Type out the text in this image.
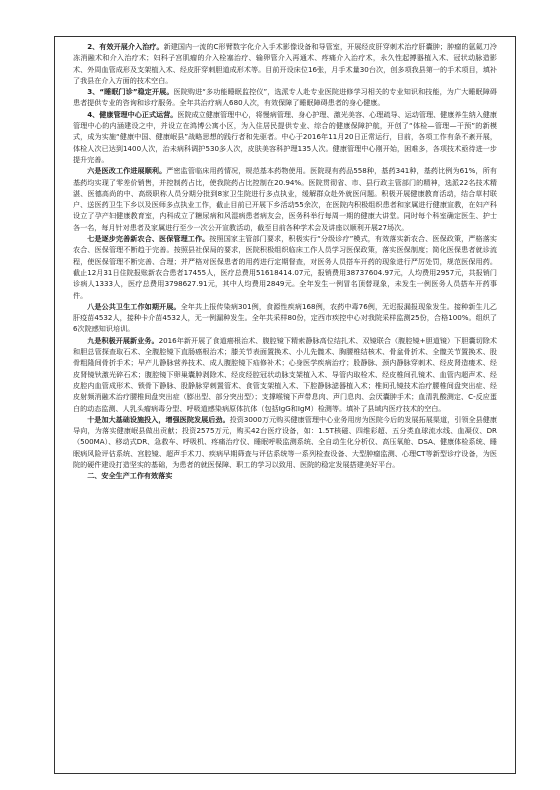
2、有效开展介入治疗。新建国内一流的C形臂数字化介入手术影像设备和导管室，开展经皮肝穿刺术治疗肝囊肿；肿瘤的氩氦刀冷冻消融术和介入治疗术；妇科子宫肌瘤的介入栓塞治疗、输卵管介入再通术、疼痛介入治疗术，永久性起搏器植入术、冠状动脉造影术、外周血管成形及支架植入术、经皮肝穿刺胆道成形术等。目前开设床位16张，月手术量30台次，创多项我县第一的手术项目，填补了我县在介入方面的技术空白。

3、“睡眠门诊”稳定开展。医院购进“多功能睡眠监控仪”，选派专人赴专业医院进修学习相关的专业知识和技能，为广大睡眠障碍患者提供专业的咨询和诊疗服务。全年共治疗病人680人次，有效保障了睡眠障碍患者的身心健康。

4、健康管理中心正式运营。医院成立健康管理中心，将慢病管理、身心护理、激光美容、心理疏导、运动管理、健康养生纳入健康管理中心的内涵建设之中，并设立在鸿博公寓小区，为入住居民提供专业、综合的健康保障护航，开创了“体检—管理—干预”的新模式，成为实施“健康中国、健康岷县”战略思想的践行者和先驱者。中心于2016年11月20日正常运行，目前，各项工作有条不紊开展，体检人次已达到1400人次，治未病科调护530多人次，皮肤美容科护理135人次。健康管理中心刚开始，困难多，各项技术亟待进一步提升完善。

六是医改工作进展顺利。严密监管临床用药情况，规范基本药物使用。医院现有药品558种，基药341种，基药比例为61%，所有基药均实现了零差价销售，并控制药占比，使我院药占比控制在20.94%。医院贯彻省、市、县行政主管部门的精神，选派22名技术精湛、医德高尚的中、高级职称人员分期分批到8家卫生院进行多点执业，缓解群众赴外就医问题。积极开展健康教育活动，结合草村联户、送医药卫生下乡以及医师多点执业工作，截止目前已开展下乡活动55余次，在医院内积极组织患者和家属进行健康宣教，在妇产科设立了孕产妇健康教育室，内科成立了糖尿病和风湿病患者病友会，医务科举行每周一期的健康大讲堂。同时每个科室确定医生、护士各一名，每月针对患者及家属进行至少一次公开宣教活动，截至目前各种学术会及讲座以顺利开展27场次。

七是逐步完善新农合、医保管理工作。按照国家主管部门要求，积极实行“分级诊疗”模式，有效落实新农合、医保政策，严格落实农合、医保管理不断趋于完善。按照县社保局的要求，医院积极组织临床工作人员学习医保政策，落实医保制度；简化医保患者就诊流程，使医保管理不断完善、合理；并严格对医保患者的用药进行定期督查，对医务人员搭车开药的现象进行严厉处罚，规范医保用药。截止12月31日住院报账新农合患者17455人，医疗总费用51618414.07元，报销费用38737604.97元，人均费用2957元，共报销门诊病人1333人，医疗总费用3798627.91元，其中人均费用2849元。全年发生一例冒名顶替现象，未发生一例医务人员搭车开药事件。

八是公共卫生工作如期开展。全年共上报传染病301例，食源性疾病168例，农药中毒76例，无迟报漏报现象发生。接种新生儿乙肝疫苗4532人，接种卡介苗4532人，无一例漏种发生。全年共采样80份，定西市疾控中心对我院采样监测25份，合格100%。组织了6次院感知识培训。

九是积极开展新业务。2016年新开展了食道癌根治术、腹腔镜下精索静脉高位结扎术、双镜联合（腹腔镜+胆道镜）下胆囊切除术和胆总管探查取石术、全腹腔镜下直肠癌根治术；膝关节表面置换术、小儿先髋术、胸腰椎结核术、骨盆骨折术、全髋关节置换术、股骨粗隆间骨折手术；早产儿静脉营养技术、成人腹腔镜下疝修补术；心身医学疾病治疗；股静脉、颈内静脉穿刺术、经皮肾造瘘术、经皮肾镜钬激光碎石术；腹腔镜下卵巢囊肿剥除术、经皮经腔冠状动脉支架植入术、导管内取栓术、经皮椎间孔镜术、血管内超声术、经皮腔内血管成形术、锁骨下静脉、股静脉穿刺置管术、食管支架植入术、下腔静脉滤器植入术；椎间孔镜技术治疗腰椎间盘突出症、经皮射频消融术治疗腰椎间盘突出症（膨出型、部分突出型）；支撑喉镜下声带息肉、声门息肉、会厌囊肿手术；血清乳酸测定、C-反应蛋白的动态监测、人乳头瘤病毒分型、呼吸道感染病原体抗体（包括IgG和IgM）检测等。填补了县域内医疗技术的空白。

十是加大基础设施投入，增强医院发展后劲。投资3000万元购买健康管理中心业务用房为医院今后的发展拓展渠道，引领全县健康导向，为落实健康岷县做出贡献；投资2575万元，购买42台医疗设备，如：1.5T核磁、四维彩超、五分类血球流水线、血凝仪、DR（500MA）、移动式DR、急救车、呼吸机、疼痛治疗仪、睡眠呼吸监测系统、全自动生化分析仪、高压氧舱、DSA、健康体检系统、睡眠病风险评估系统、宫腔镜、超声手术刀、疾病早期筛查与评估系统等一系列检查设备、大型肿瘤监测、心理CT等新型诊疗设备，为医院的硬件建设打造坚实的基础，为患者的就医保障、职工的学习以致用、医院的稳定发展搭建美好平台。

二、安全生产工作有效落实
